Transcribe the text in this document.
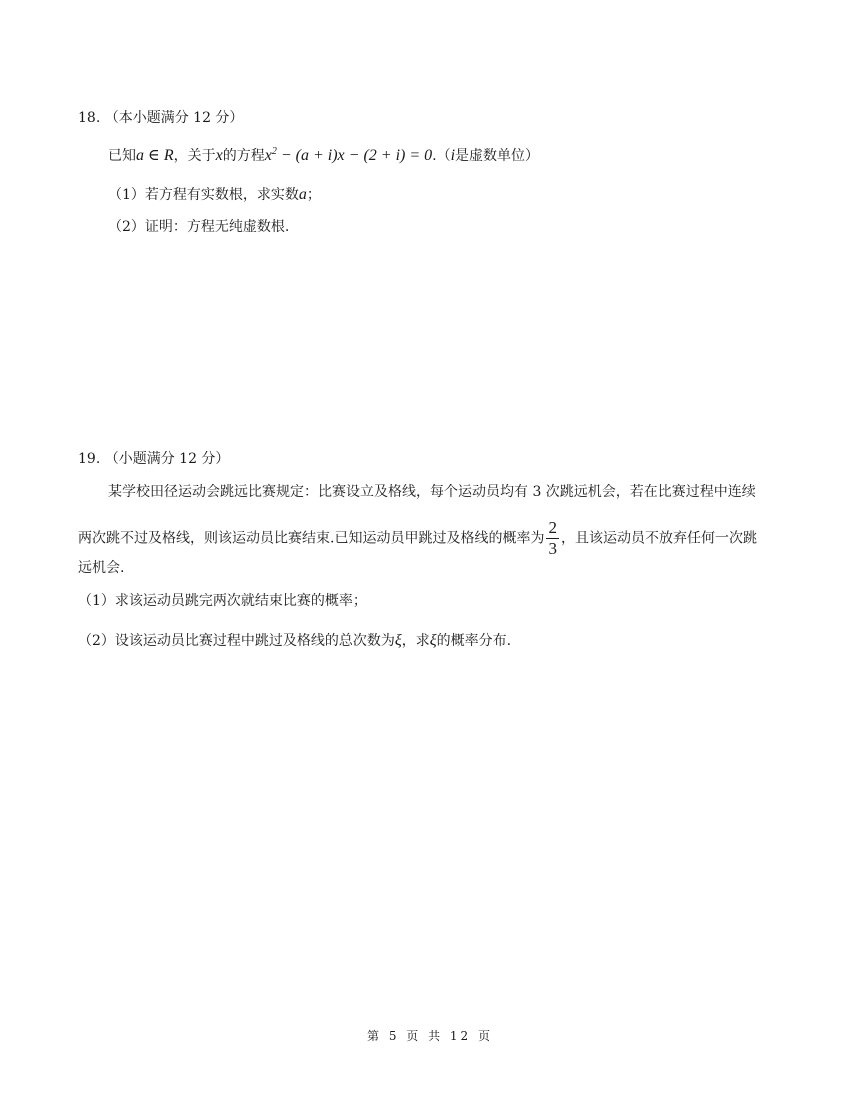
18. （本小题满分 12 分）
已知a ∈ R，关于x的方程$x^2 - (a + i)x - (2 + i) = 0.(i$是虚数单位）
（1）若方程有实数根，求实数a；
（2）证明：方程无纯虚数根.
19. （小题满分 12 分）
某学校田径运动会跳远比赛规定：比赛设立及格线，每个运动员均有 3 次跳远机会，若在比赛过程中连续
两次跳不过及格线，则该运动员比赛结束.已知运动员甲跳过及格线的概率为 $\frac{2}{3}$ ，且该运动员不放弃任何一次跳
远机会.
（1）求该运动员跳完两次就结束比赛的概率；
（2）设该运动员比赛过程中跳过及格线的总次数为ξ，求ξ的概率分布.
第 5 页 共 12 页
